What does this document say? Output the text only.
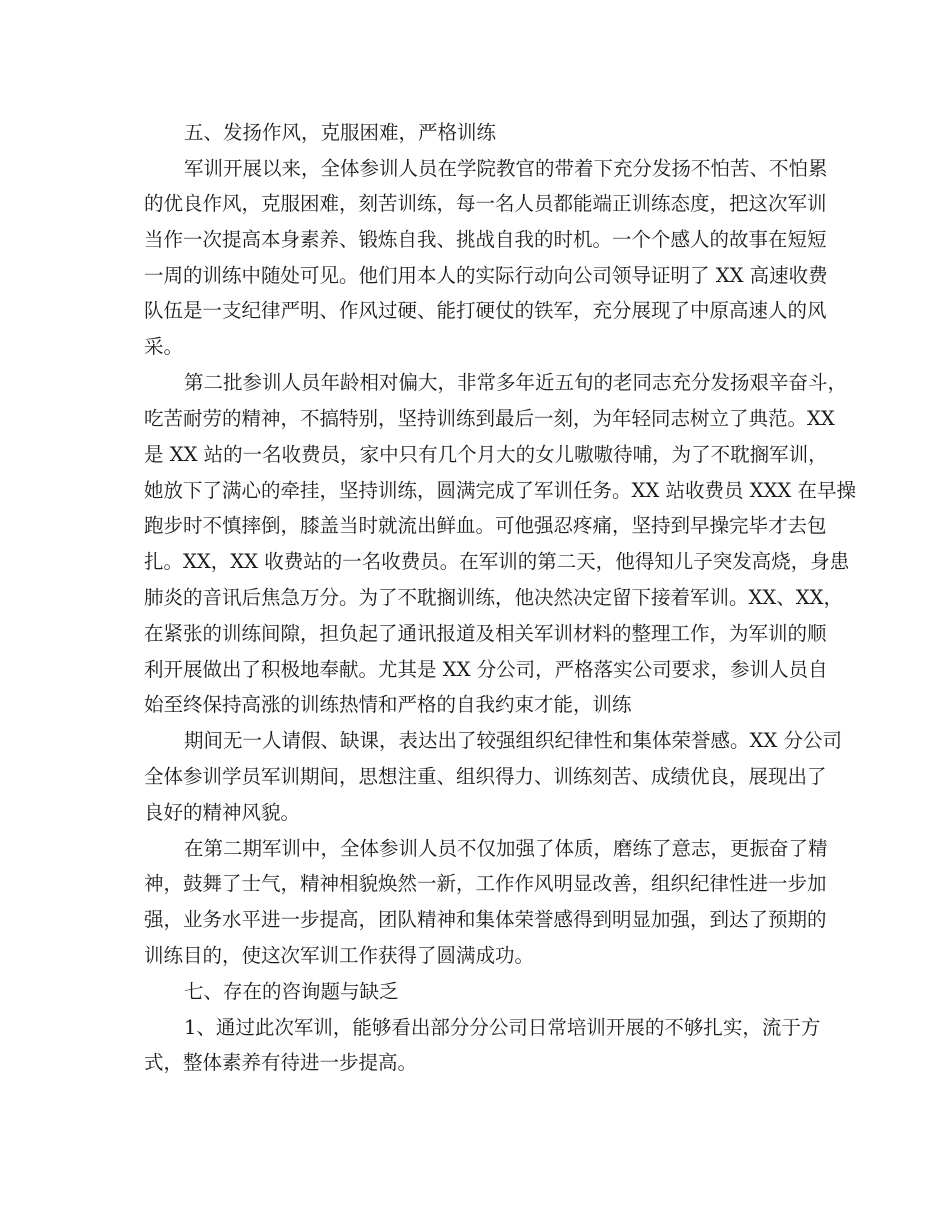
五、发扬作风，克服困难，严格训练
军训开展以来，全体参训人员在学院教官的带着下充分发扬不怕苦、不怕累
的优良作风，克服困难，刻苦训练，每一名人员都能端正训练态度，把这次军训
当作一次提高本身素养、锻炼自我、挑战自我的时机。一个个感人的故事在短短
一周的训练中随处可见。他们用本人的实际行动向公司领导证明了 XX 高速收费
队伍是一支纪律严明、作风过硬、能打硬仗的铁军，充分展现了中原高速人的风
采。
第二批参训人员年龄相对偏大，非常多年近五旬的老同志充分发扬艰辛奋斗，
吃苦耐劳的精神，不搞特别，坚持训练到最后一刻，为年轻同志树立了典范。XX
是 XX 站的一名收费员，家中只有几个月大的女儿嗷嗷待哺，为了不耽搁军训，
她放下了满心的牵挂，坚持训练，圆满完成了军训任务。XX 站收费员 XXX 在早操
跑步时不慎摔倒，膝盖当时就流出鲜血。可他强忍疼痛，坚持到早操完毕才去包
扎。XX，XX 收费站的一名收费员。在军训的第二天，他得知儿子突发高烧，身患
肺炎的音讯后焦急万分。为了不耽搁训练，他决然决定留下接着军训。XX、XX，
在紧张的训练间隙，担负起了通讯报道及相关军训材料的整理工作，为军训的顺
利开展做出了积极地奉献。尤其是 XX 分公司，严格落实公司要求，参训人员自
始至终保持高涨的训练热情和严格的自我约束才能，训练
期间无一人请假、缺课，表达出了较强组织纪律性和集体荣誉感。XX 分公司
全体参训学员军训期间，思想注重、组织得力、训练刻苦、成绩优良，展现出了
良好的精神风貌。
在第二期军训中，全体参训人员不仅加强了体质，磨练了意志，更振奋了精
神，鼓舞了士气，精神相貌焕然一新，工作作风明显改善，组织纪律性进一步加
强，业务水平进一步提高，团队精神和集体荣誉感得到明显加强，到达了预期的
训练目的，使这次军训工作获得了圆满成功。
七、存在的咨询题与缺乏
1、通过此次军训，能够看出部分分公司日常培训开展的不够扎实，流于方
式，整体素养有待进一步提高。
